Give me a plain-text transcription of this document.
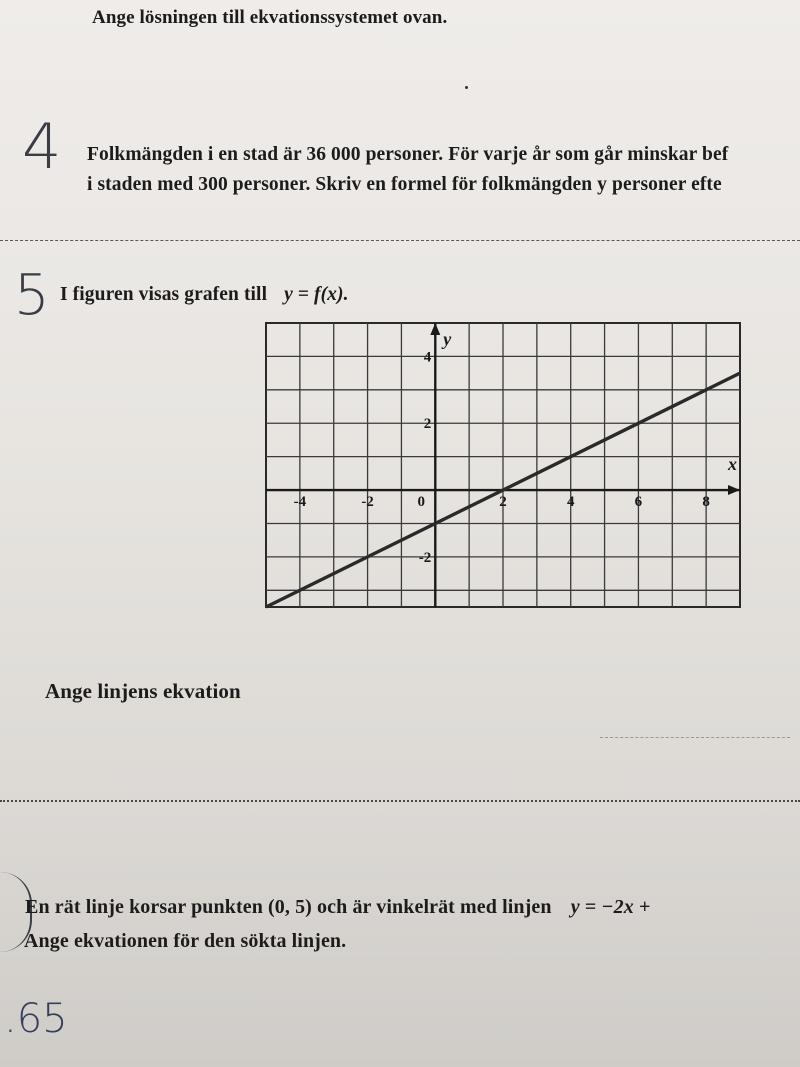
Ange lösningen till ekvationssystemet ovan.
4 Folkmängden i en stad är 36 000 personer. För varje år som går minskar bef
i staden med 300 personer. Skriv en formel för folkmängden y personer efte
5 I figuren visas grafen till y = f(x).
-4	-2	0	2	4	6	8
4
2
-2
x
y
Ange linjens ekvation
En rät linje korsar punkten (0, 5) och är vinkelrät med linjen y = −2x +
Ange ekvationen för den sökta linjen.
.65
